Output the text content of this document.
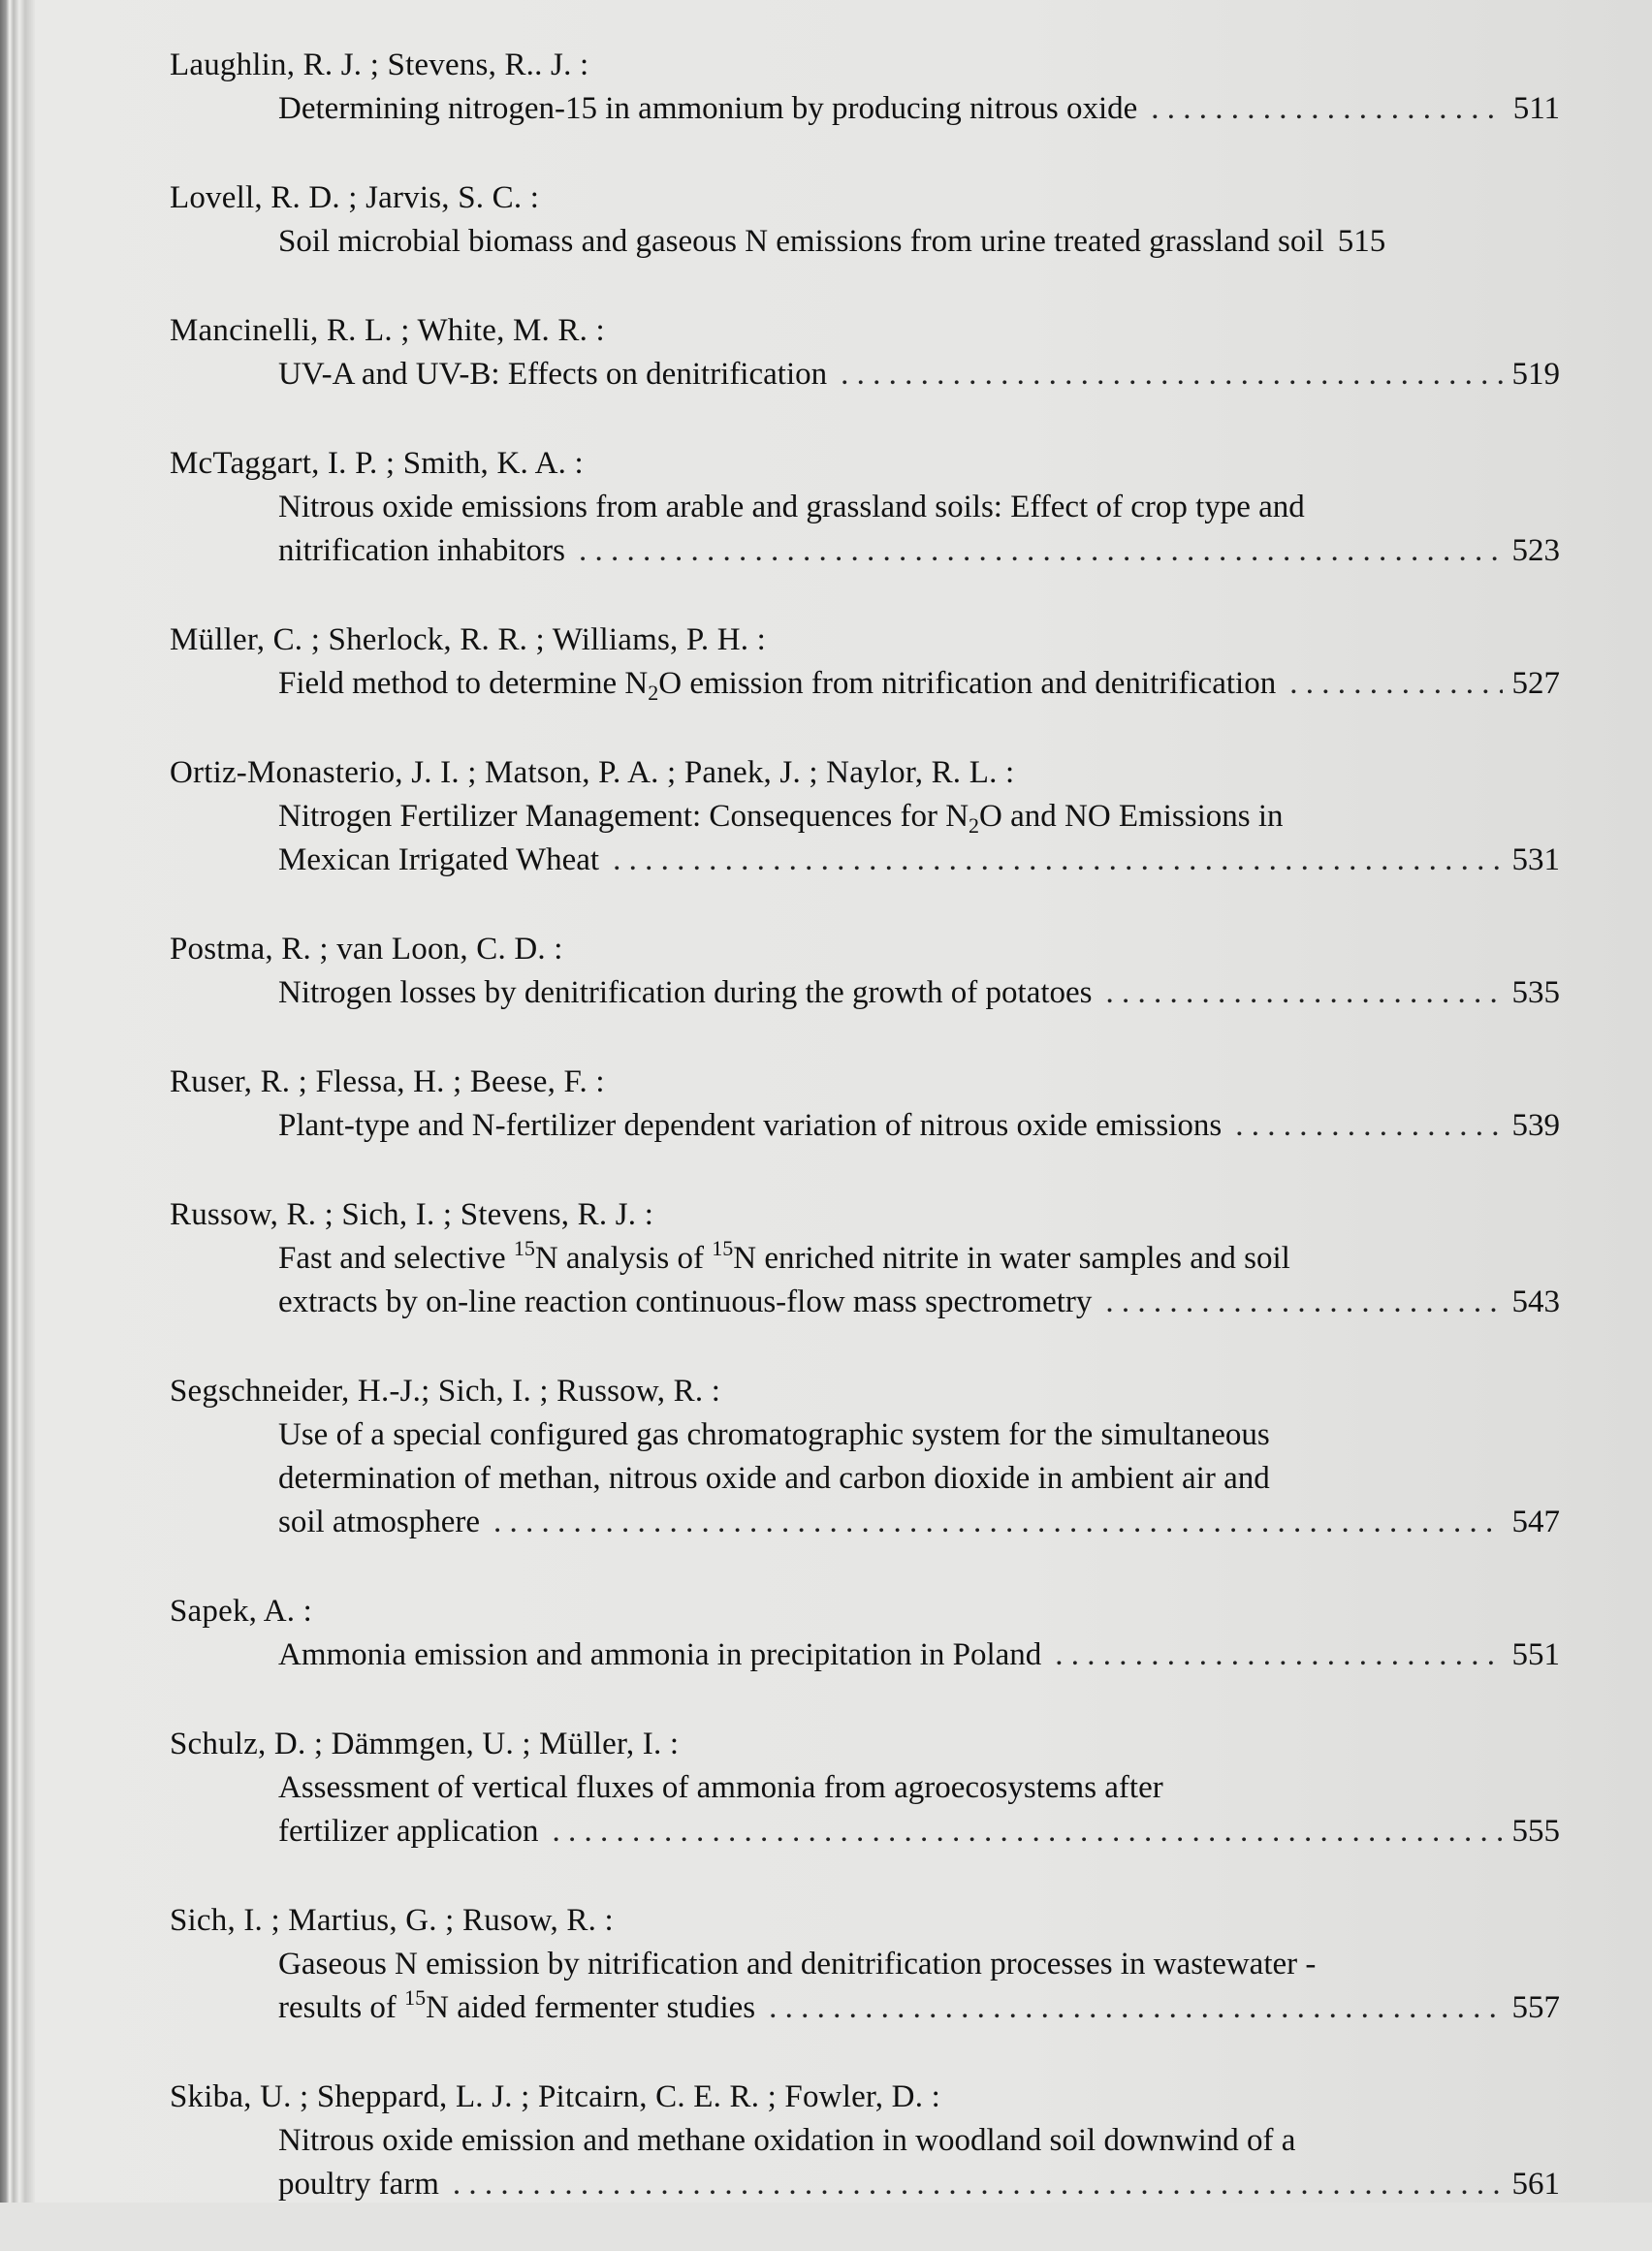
Laughlin, R. J. ; Stevens, R.. J. :
Determining nitrogen-15 in ammonium by producing nitrous oxide . . .	511
Lovell, R. D. ; Jarvis, S. C. :
Soil microbial biomass and gaseous N emissions from urine treated grassland soil 515
Mancinelli, R. L. ; White, M. R. :
UV-A and UV-B: Effects on denitrification . . .	519
McTaggart, I. P. ; Smith, K. A. :
Nitrous oxide emissions from arable and grassland soils: Effect of crop type and
nitrification inhabitors . . .	523
Müller, C. ; Sherlock, R. R. ; Williams, P. H. :
Field method to determine $N_2O$ emission from nitrification and denitrification . . .	527
Ortiz-Monasterio, J. I. ; Matson, P. A. ; Panek, J. ; Naylor, R. L. :
Nitrogen Fertilizer Management: Consequences for $N_2O$ and NO Emissions in
Mexican Irrigated Wheat . . .	531
Postma, R. ; van Loon, C. D. :
Nitrogen losses by denitrification during the growth of potatoes . . .	535
Ruser, R. ; Flessa, H. ; Beese, F. :
Plant-type and N-fertilizer dependent variation of nitrous oxide emissions . . .	539
Russow, R. ; Sich, I. ; Stevens, R. J. :
Fast and selective $^{15}$N analysis of $^{15}$N enriched nitrite in water samples and soil
extracts by on-line reaction continuous-flow mass spectrometry . . .	543
Segschneider, H.-J.; Sich, I. ; Russow, R. :
Use of a special configured gas chromatographic system for the simultaneous
determination of methan, nitrous oxide and carbon dioxide in ambient air and
soil atmosphere . . .	547
Sapek, A. :
Ammonia emission and ammonia in precipitation in Poland . . .	551
Schulz, D. ; Dämmgen, U. ; Müller, I. :
Assessment of vertical fluxes of ammonia from agroecosystems after
fertilizer application . . .	555
Sich, I. ; Martius, G. ; Rusow, R. :
Gaseous N emission by nitrification and denitrification processes in wastewater -
results of $^{15}$N aided fermenter studies . . .	557
Skiba, U. ; Sheppard, L. J. ; Pitcairn, C. E. R. ; Fowler, D. :
Nitrous oxide emission and methane oxidation in woodland soil downwind of a
poultry farm . . .	561
